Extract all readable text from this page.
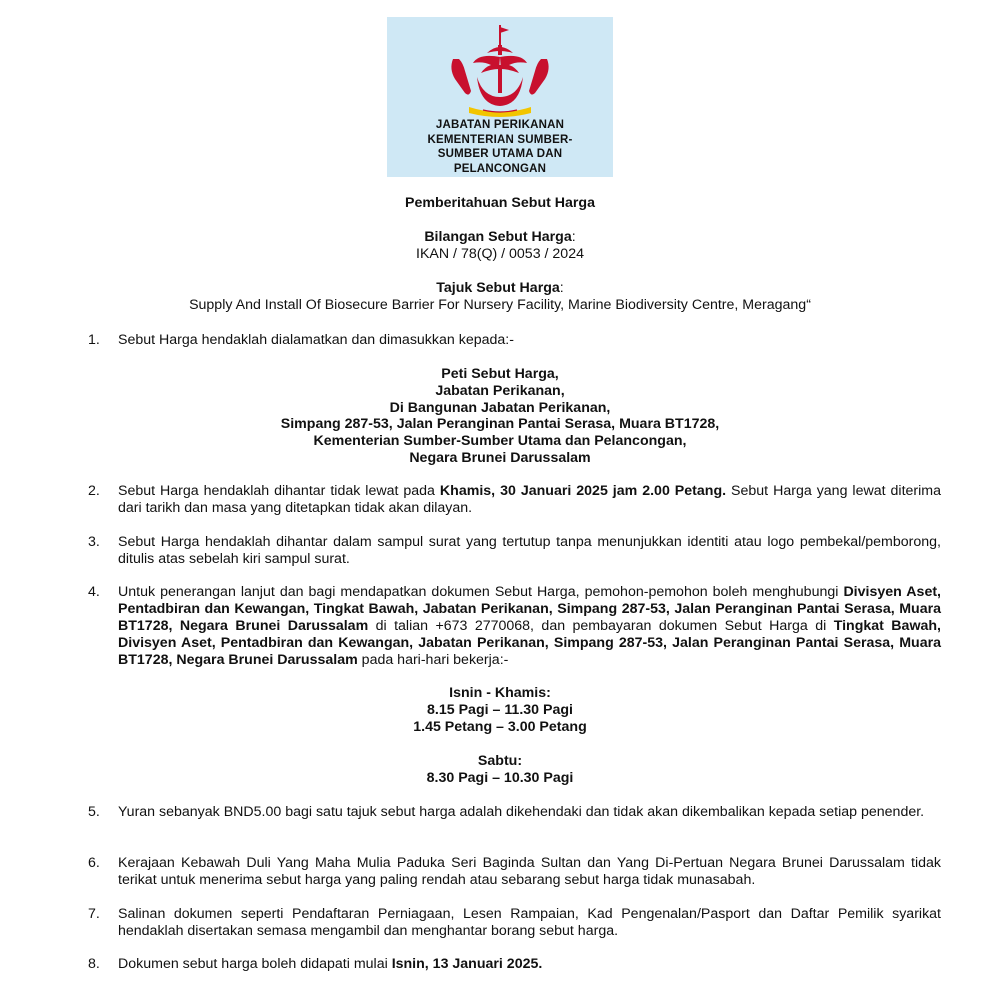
JABATAN PERIKANAN
KEMENTERIAN SUMBER-
SUMBER UTAMA DAN
PELANCONGAN
Pemberitahuan Sebut Harga
Bilangan Sebut Harga:
IKAN / 78(Q) / 0053 / 2024
Tajuk Sebut Harga:
Supply And Install Of Biosecure Barrier For Nursery Facility, Marine Biodiversity Centre, Meragang“
1.	Sebut Harga hendaklah dialamatkan dan dimasukkan kepada:-
Peti Sebut Harga,
Jabatan Perikanan,
Di Bangunan Jabatan Perikanan,
Simpang 287-53, Jalan Peranginan Pantai Serasa, Muara BT1728,
Kementerian Sumber-Sumber Utama dan Pelancongan,
Negara Brunei Darussalam
2.	Sebut Harga hendaklah dihantar tidak lewat pada Khamis, 30 Januari 2025 jam 2.00 Petang. Sebut Harga yang lewat diterima dari tarikh dan masa yang ditetapkan tidak akan dilayan.
3.	Sebut Harga hendaklah dihantar dalam sampul surat yang tertutup tanpa menunjukkan identiti atau logo pembekal/pemborong, ditulis atas sebelah kiri sampul surat.
4.	Untuk penerangan lanjut dan bagi mendapatkan dokumen Sebut Harga, pemohon-pemohon boleh menghubungi Divisyen Aset, Pentadbiran dan Kewangan, Tingkat Bawah, Jabatan Perikanan, Simpang 287-53, Jalan Peranginan Pantai Serasa, Muara BT1728, Negara Brunei Darussalam di talian +673 2770068, dan pembayaran dokumen Sebut Harga di Tingkat Bawah, Divisyen Aset, Pentadbiran dan Kewangan, Jabatan Perikanan, Simpang 287-53, Jalan Peranginan Pantai Serasa, Muara BT1728, Negara Brunei Darussalam pada hari-hari bekerja:-
Isnin - Khamis:
8.15 Pagi – 11.30 Pagi
1.45 Petang – 3.00 Petang
Sabtu:
8.30 Pagi – 10.30 Pagi
5.	Yuran sebanyak BND5.00 bagi satu tajuk sebut harga adalah dikehendaki dan tidak akan dikembalikan kepada setiap penender.
6.	Kerajaan Kebawah Duli Yang Maha Mulia Paduka Seri Baginda Sultan dan Yang Di-Pertuan Negara Brunei Darussalam tidak terikat untuk menerima sebut harga yang paling rendah atau sebarang sebut harga tidak munasabah.
7.	Salinan dokumen seperti Pendaftaran Perniagaan, Lesen Rampaian, Kad Pengenalan/Pasport dan Daftar Pemilik syarikat hendaklah disertakan semasa mengambil dan menghantar borang sebut harga.
8.	Dokumen sebut harga boleh didapati mulai Isnin, 13 Januari 2025.
